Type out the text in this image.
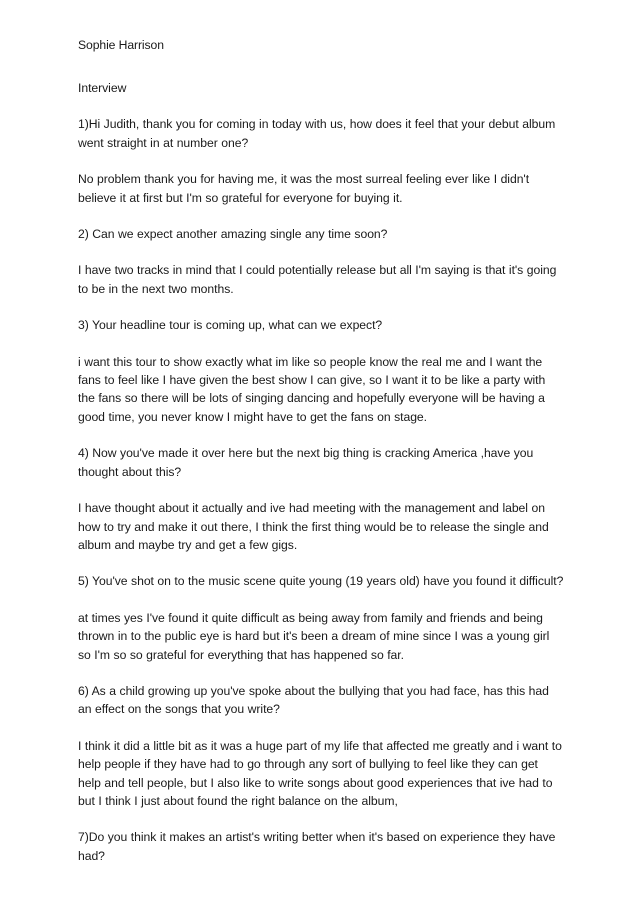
Sophie Harrison

Interview

1)Hi Judith, thank you for coming in today with us, how does it feel that your debut album went straight in at number one?

No problem thank you for having me, it was the most surreal feeling ever like I didn't believe it at first but I'm so grateful for everyone for buying it.

2) Can we expect another amazing single any time soon?

I have two tracks in mind that I could potentially release but all I'm saying is that it's going to be in the next two months.

3) Your headline tour is coming up, what can we expect?

i want this tour to show exactly what im like so people know the real me and I want the fans to feel like I have given the best show I can give, so I want it to be like a party with the fans so there will be lots of singing dancing and hopefully everyone will be having a good time, you never know I might have to get the fans on stage.

4) Now you've made it over here but the next big thing is cracking America ,have you thought about this?

I have thought about it actually and ive had meeting with the management and label on how to try and make it out there, I think the first thing would be to release the single and album and maybe try and get a few gigs.

5) You've shot on to the music scene quite young (19 years old) have you found it difficult?

at times yes I've found it quite difficult as being away from family and friends and being thrown in to the public eye is hard but it's been a dream of mine since I was a young girl so I'm so so grateful for everything that has happened so far.

6) As a child growing up you've spoke about the bullying that you had face, has this had an effect on the songs that you write?

I think it did a little bit as it was a huge part of my life that affected me greatly and i want to help people if they have had to go through any sort of bullying to feel like they can get help and tell people, but I also like to write songs about good experiences that ive had to but I think I just about found the right balance on the album,

7)Do you think it makes an artist's writing better when it's based on experience they have had?
